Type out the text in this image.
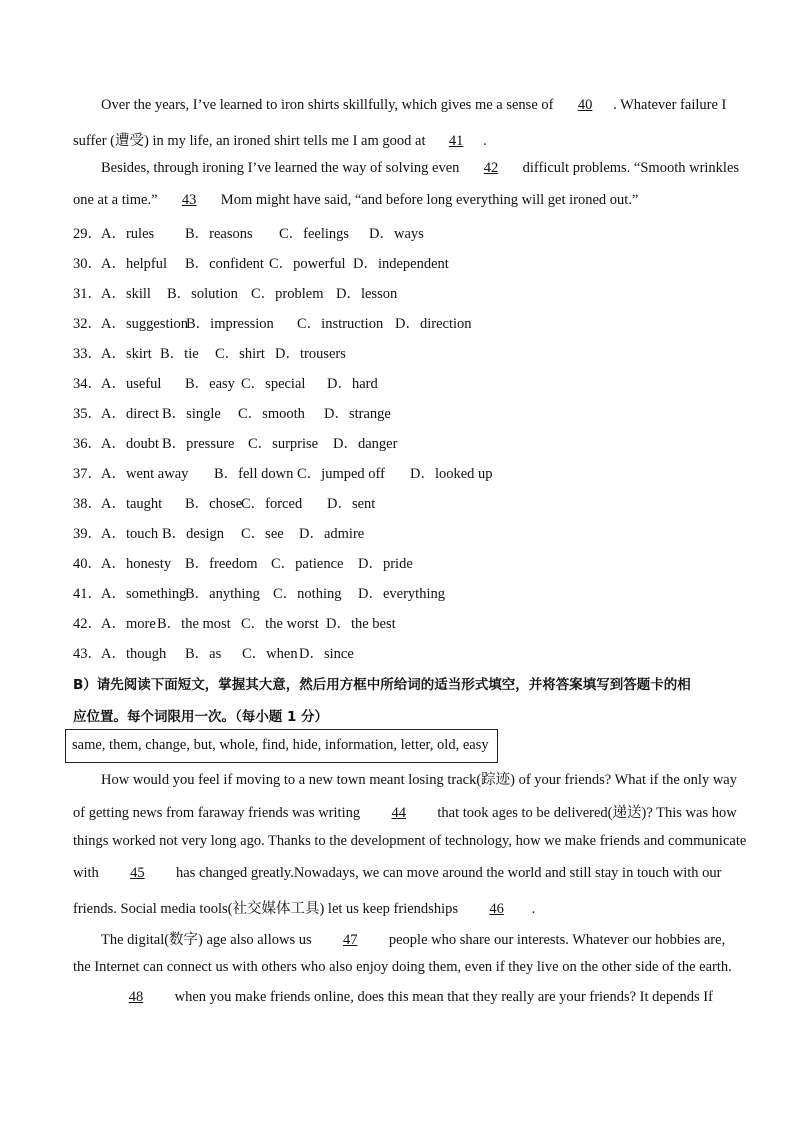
Over the years, I’ve learned to iron shirts skillfully, which gives me a sense of 40 . Whatever failure I
suffer (遭受) in my life, an ironed shirt tells me I am good at 41 .
Besides, through ironing I’ve learned the way of solving even 42 difficult problems. “Smooth wrinkles
one at a time.” 43 Mom might have said, “and before long everything will get ironed out.”
29．A．rules B．reasons C．feelings D．ways
30．A．helpful B．confident C．powerful D．independent
31．A．skill B．solution C．problem D．lesson
32．A．suggestionB．impression C．instruction D．direction
33．A．skirt B．tie C．shirt D．trousers
34．A．useful B．easy C．special D．hard
35．A．direct B．single C．smooth D．strange
36．A．doubt B．pressure C．surprise D．danger
37．A．went away B．fell down C．jumped off D．looked up
38．A．taught B．choseC．forced D．sent
39．A．touch B．design C．see D．admire
40．A．honesty B．freedom C．patience D．pride
41．A．somethingB．anything C．nothing D．everything
42．A．moreB．the most C．the worst D．the best
43．A．though B．as C．whenD．since
B）请先阅读下面短文，掌握其大意，然后用方框中所给词的适当形式填空，并将答案填写到答题卡的相
应位置。每个词限用一次。（每小题 1 分）
same, them, change, but, whole, find, hide, information, letter, old, easy
How would you feel if moving to a new town meant losing track(踪迹) of your friends? What if the only way
of getting news from faraway friends was writing 44 that took ages to be delivered(递送)? This was how
things worked not very long ago. Thanks to the development of technology, how we make friends and communicate
with 45 has changed greatly.Nowadays, we can move around the world and still stay in touch with our
friends. Social media tools(社交媒体工具) let us keep friendships 46 .
The digital(数字) age also allows us 47 people who share our interests. Whatever our hobbies are,
the Internet can connect us with others who also enjoy doing them, even if they live on the other side of the earth.
48 when you make friends online, does this mean that they really are your friends? It depends If
